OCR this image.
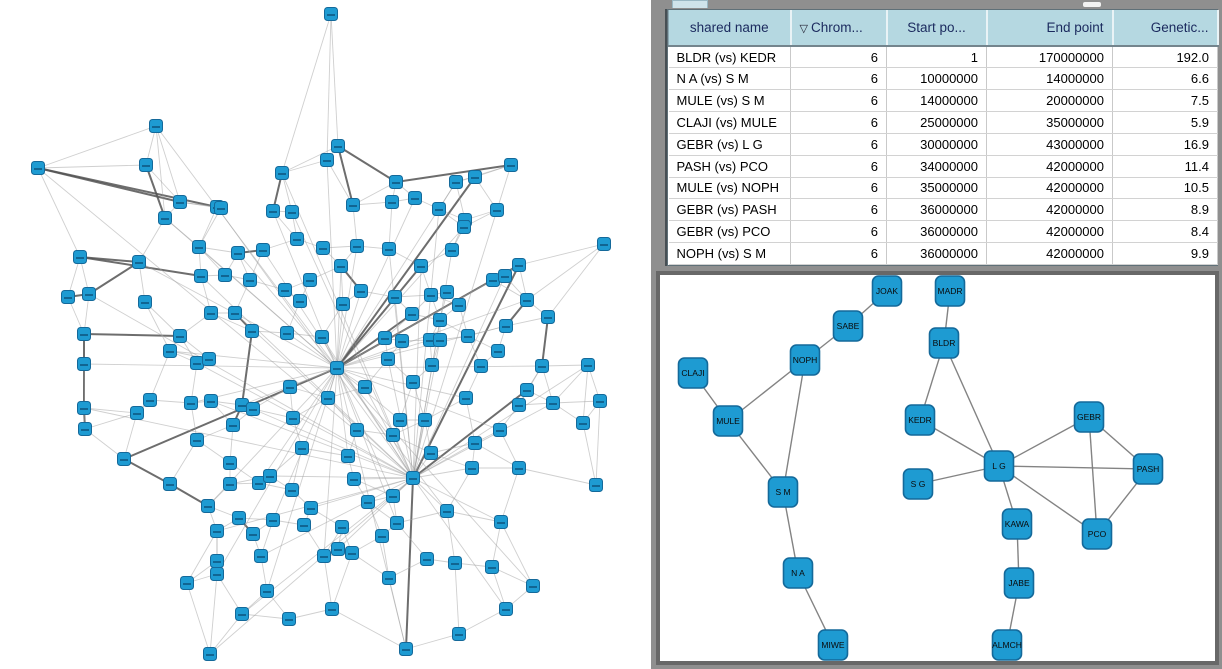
shared name	▽ Chrom...	Start po...	End point	Genetic...
BLDR (vs) KEDR	6	1	170000000	192.0
N A (vs) S M	6	10000000	14000000	6.6
MULE (vs) S M	6	14000000	20000000	7.5
CLAJI (vs) MULE	6	25000000	35000000	5.9
GEBR (vs) L G	6	30000000	43000000	16.9
PASH (vs) PCO	6	34000000	42000000	11.4
MULE (vs) NOPH	6	35000000	42000000	10.5
GEBR (vs) PASH	6	36000000	42000000	8.9
GEBR (vs) PCO	6	36000000	42000000	8.4
NOPH (vs) S M	6	36000000	42000000	9.9
JOAK	MADR
SABE
NOPH
CLAJI
BLDR
MULE	KEDR	GEBR
L G	PASH
S G
S M
KAWA
PCO
N A
JABE
MIWE	ALMCH
